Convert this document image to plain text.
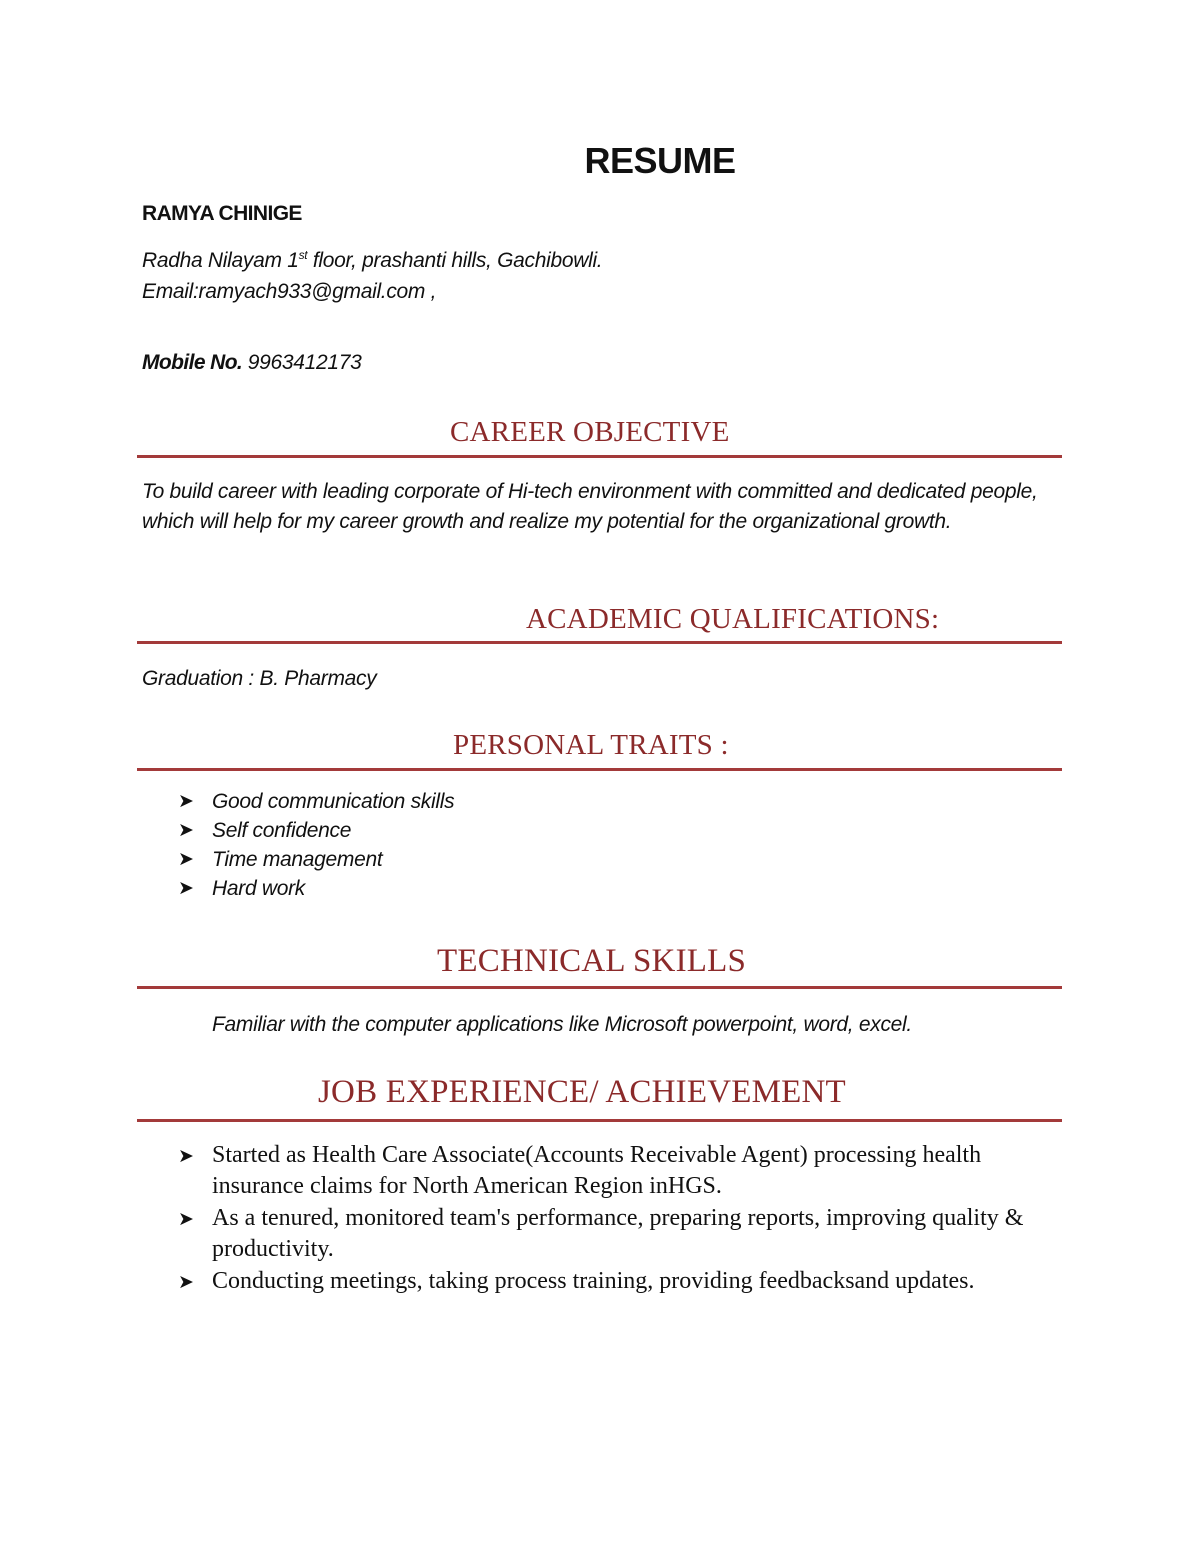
RESUME
RAMYA CHINIGE
Radha Nilayam 1st floor, prashanti hills, Gachibowli.
Email:ramyach933@gmail.com ,
Mobile No. 9963412173
CAREER OBJECTIVE

To build career with leading corporate of Hi-tech environment with committed and dedicated people, which will help for my career growth and realize my potential for the organizational growth.

ACADEMIC QUALIFICATIONS:
Graduation : B. Pharmacy
PERSONAL TRAITS :
➤ Good communication skills
➤ Self confidence
➤ Time management
➤ Hard work
TECHNICAL SKILLS
Familiar with the computer applications like Microsoft powerpoint, word, excel.
JOB EXPERIENCE/ ACHIEVEMENT
➤ Started as Health Care Associate(Accounts Receivable Agent) processing health insurance claims for North American Region inHGS.
➤ As a tenured, monitored team's performance, preparing reports, improving quality & productivity.
➤ Conducting meetings, taking process training, providing feedbacksand updates.
